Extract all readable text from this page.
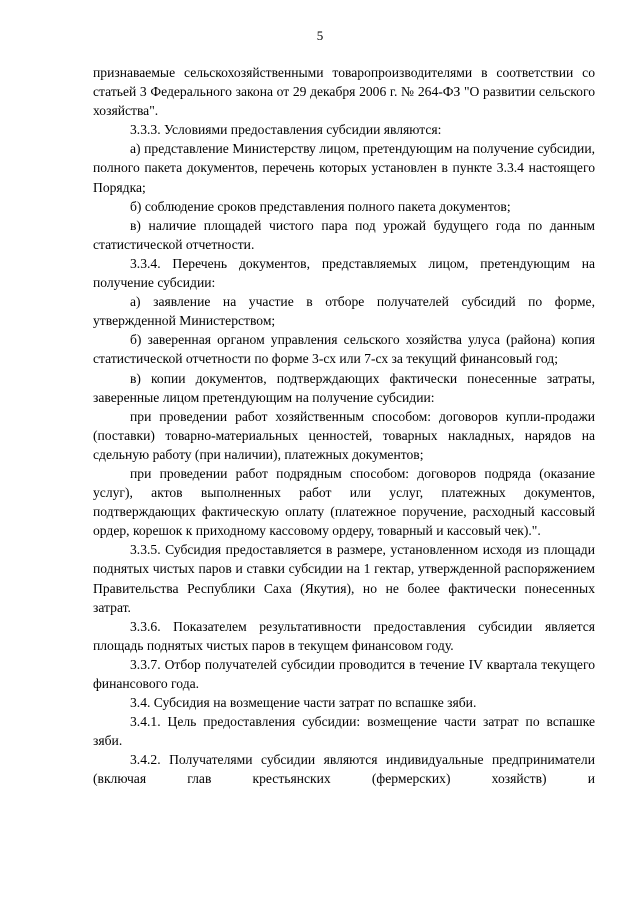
5

признаваемые сельскохозяйственными товаропроизводителями в соответствии со статьей 3 Федерального закона от 29 декабря 2006 г. № 264-ФЗ "О развитии сельского хозяйства".

3.3.3. Условиями предоставления субсидии являются:

а) представление Министерству лицом, претендующим на получение субсидии, полного пакета документов, перечень которых установлен в пункте 3.3.4 настоящего Порядка;

б) соблюдение сроков представления полного пакета документов;

в) наличие площадей чистого пара под урожай будущего года по данным статистической отчетности.

3.3.4. Перечень документов, представляемых лицом, претендующим на получение субсидии:

а) заявление на участие в отборе получателей субсидий по форме, утвержденной Министерством;

б) заверенная органом управления сельского хозяйства улуса (района) копия статистической отчетности по форме 3-сх или 7-сх за текущий финансовый год;

в) копии документов, подтверждающих фактически понесенные затраты, заверенные лицом претендующим на получение субсидии:

при проведении работ хозяйственным способом: договоров купли-продажи (поставки) товарно-материальных ценностей, товарных накладных, нарядов на сдельную работу (при наличии), платежных документов;

при проведении работ подрядным способом: договоров подряда (оказание услуг), актов выполненных работ или услуг, платежных документов, подтверждающих фактическую оплату (платежное поручение, расходный кассовый ордер, корешок к приходному кассовому ордеру, товарный и кассовый чек).".

3.3.5. Субсидия предоставляется в размере, установленном исходя из площади поднятых чистых паров и ставки субсидии на 1 гектар, утвержденной распоряжением Правительства Республики Саха (Якутия), но не более фактически понесенных затрат.

3.3.6. Показателем результативности предоставления субсидии является площадь поднятых чистых паров в текущем финансовом году.

3.3.7. Отбор получателей субсидии проводится в течение IV квартала текущего финансового года.

3.4. Субсидия на возмещение части затрат по вспашке зяби.

3.4.1. Цель предоставления субсидии: возмещение части затрат по вспашке зяби.

3.4.2. Получателями субсидии являются индивидуальные предприниматели (включая глав крестьянских (фермерских) хозяйств) и
